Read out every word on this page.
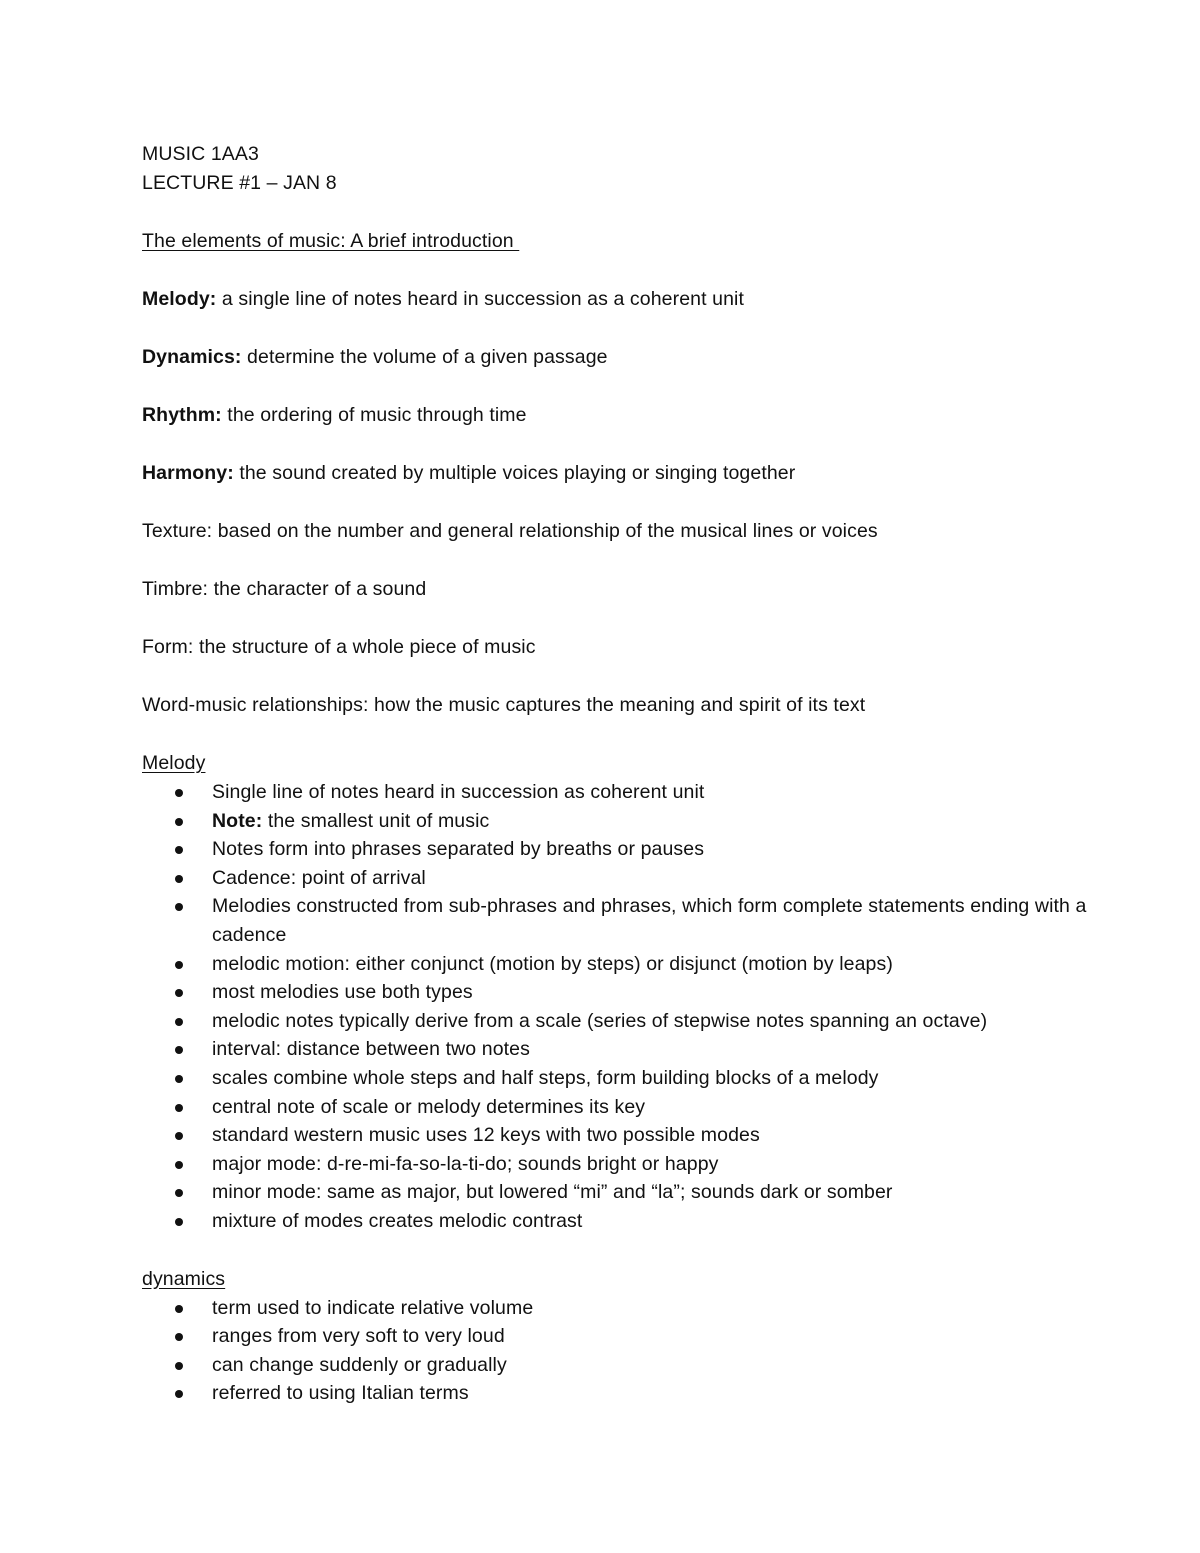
MUSIC 1AA3
LECTURE #1 – JAN 8
The elements of music: A brief introduction
Melody: a single line of notes heard in succession as a coherent unit
Dynamics: determine the volume of a given passage
Rhythm: the ordering of music through time
Harmony: the sound created by multiple voices playing or singing together
Texture: based on the number and general relationship of the musical lines or voices
Timbre: the character of a sound
Form: the structure of a whole piece of music
Word-music relationships: how the music captures the meaning and spirit of its text
Melody
Single line of notes heard in succession as coherent unit
Note: the smallest unit of music
Notes form into phrases separated by breaths or pauses
Cadence: point of arrival
Melodies constructed from sub-phrases and phrases, which form complete statements ending with a cadence
melodic motion: either conjunct (motion by steps) or disjunct (motion by leaps)
most melodies use both types
melodic notes typically derive from a scale (series of stepwise notes spanning an octave)
interval: distance between two notes
scales combine whole steps and half steps, form building blocks of a melody
central note of scale or melody determines its key
standard western music uses 12 keys with two possible modes
major mode: d-re-mi-fa-so-la-ti-do; sounds bright or happy
minor mode: same as major, but lowered “mi” and “la”; sounds dark or somber
mixture of modes creates melodic contrast
dynamics
term used to indicate relative volume
ranges from very soft to very loud
can change suddenly or gradually
referred to using Italian terms
